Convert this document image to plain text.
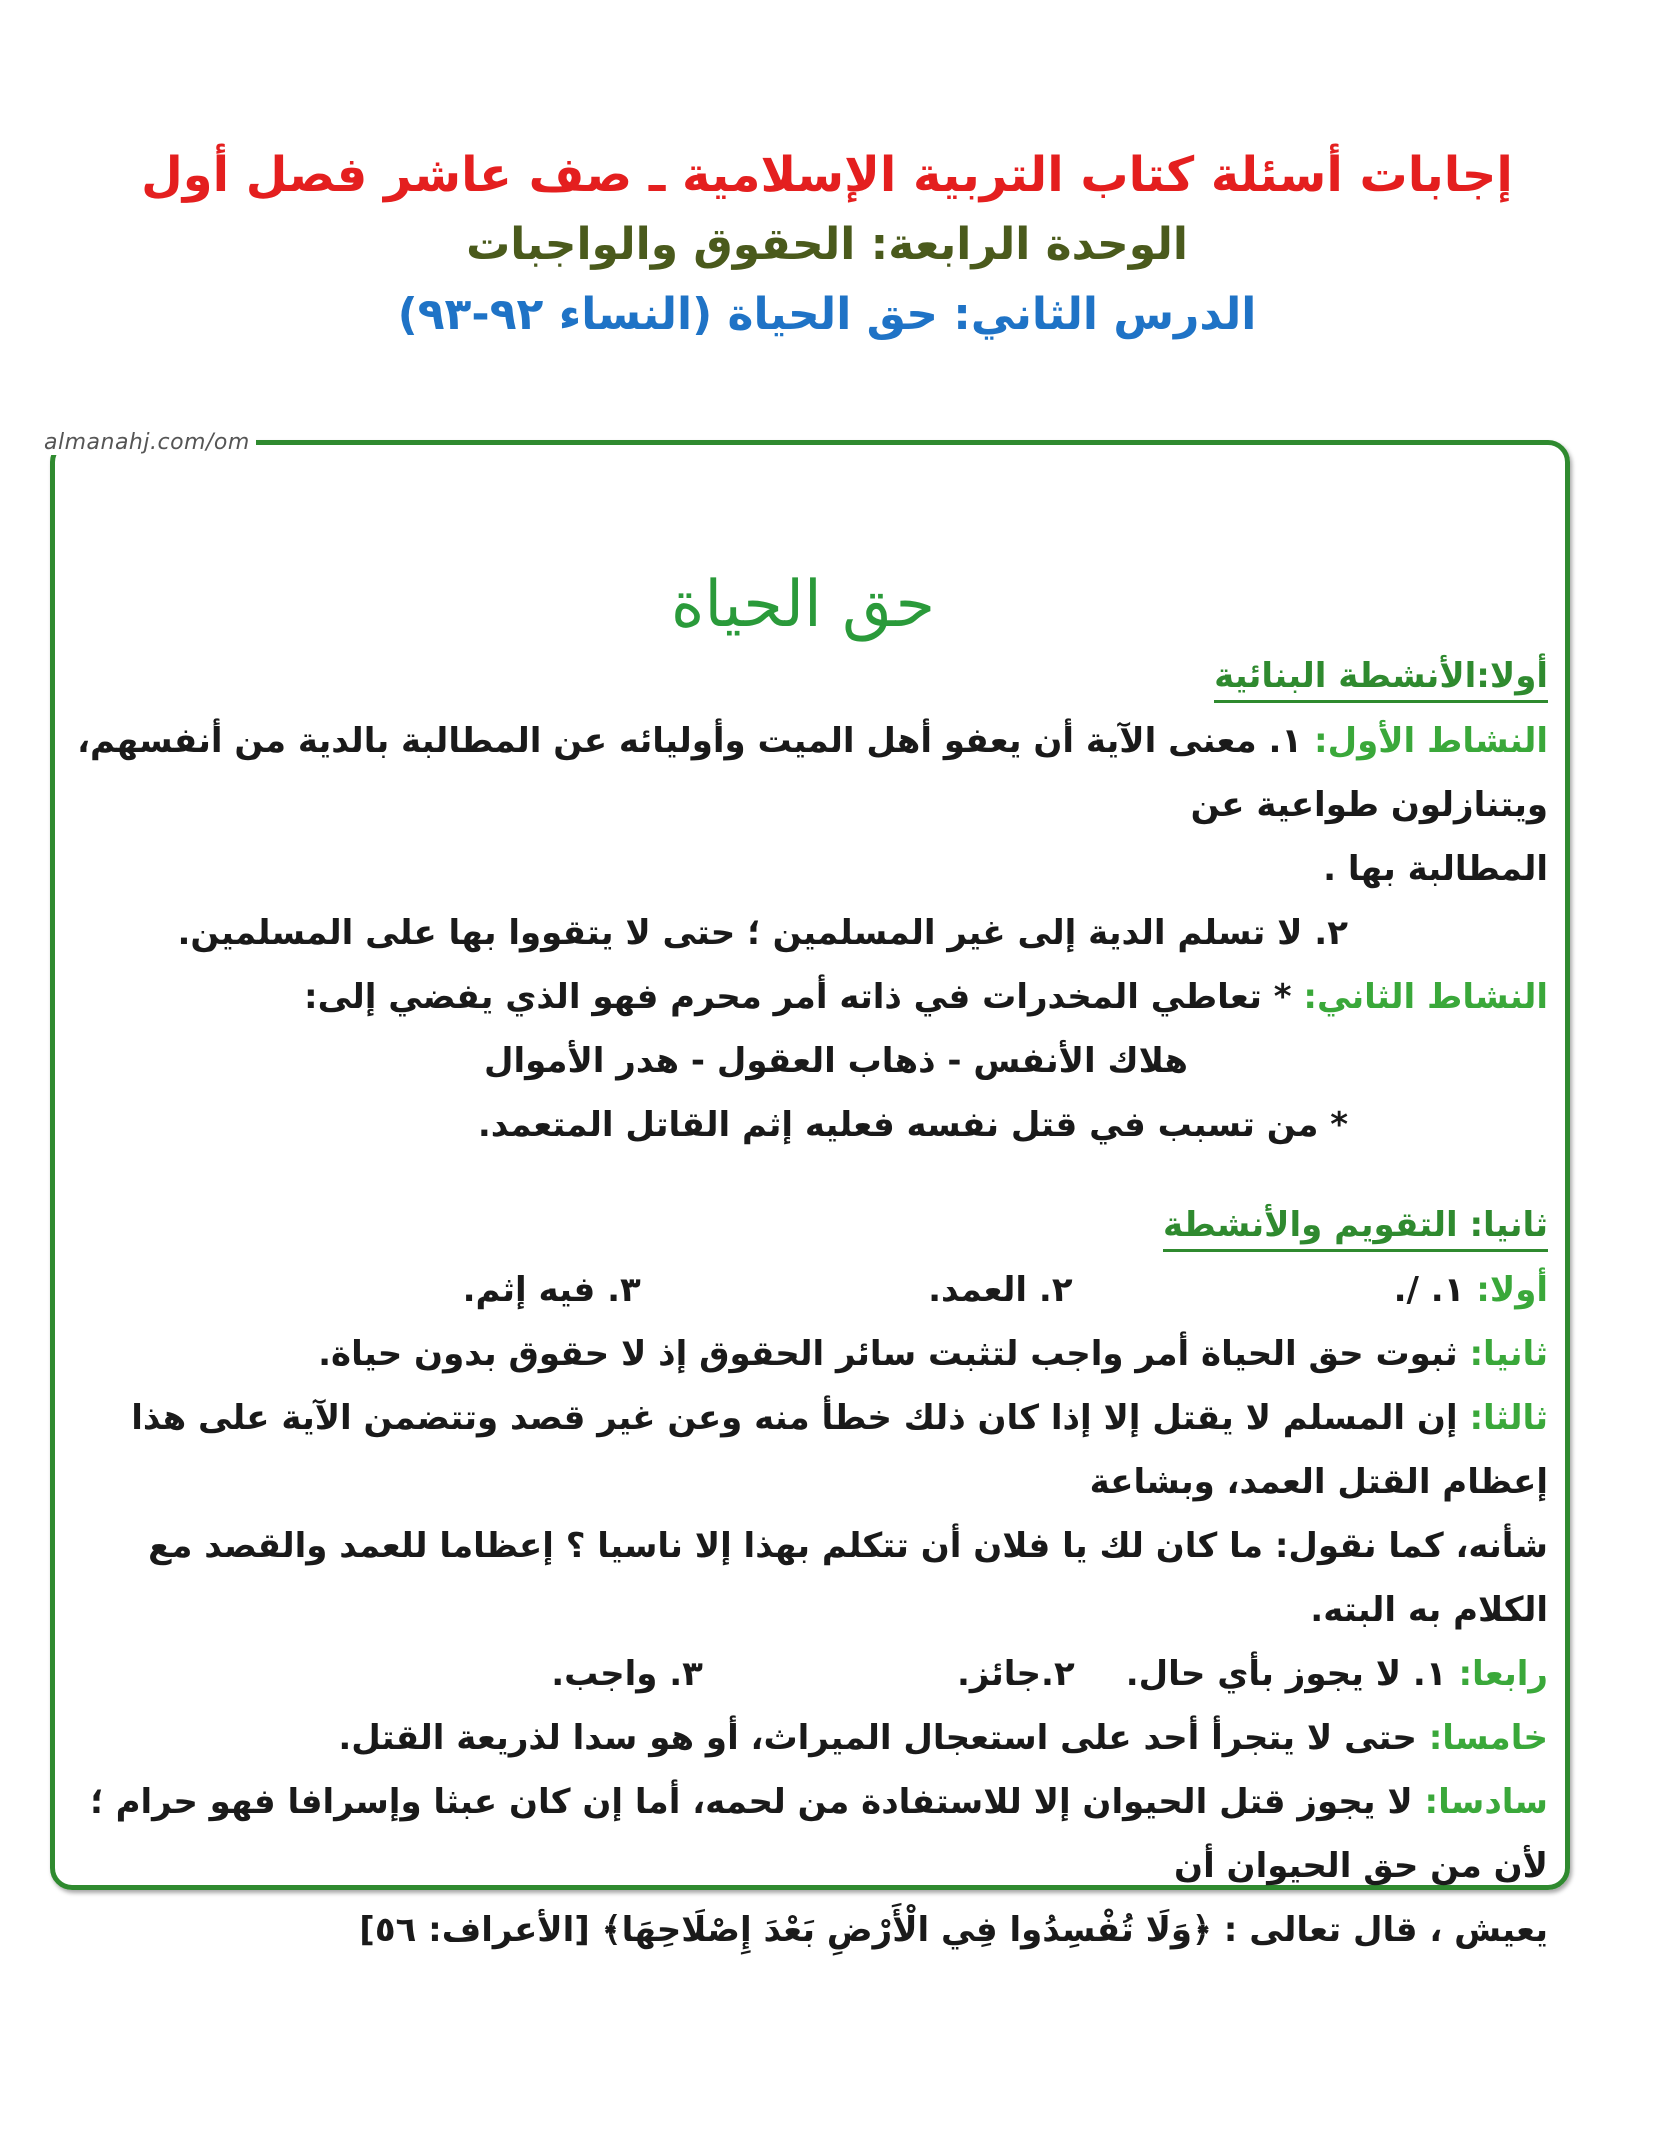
إجابات أسئلة كتاب التربية الإسلامية ـ صف عاشر فصل أول
الوحدة الرابعة: الحقوق والواجبات
الدرس الثاني: حق الحياة (النساء ٩٢-٩٣)
almanahj.com/om
حق الحياة
أولا:الأنشطة البنائية
النشاط الأول: ١. معنى الآية أن يعفو أهل الميت وأوليائه عن المطالبة بالدية من أنفسهم، ويتنازلون طواعية عن
المطالبة بها .
٢. لا تسلم الدية إلى غير المسلمين ؛ حتى لا يتقووا بها على المسلمين.
النشاط الثاني: * تعاطي المخدرات في ذاته أمر محرم فهو الذي يفضي إلى:
هلاك الأنفس - ذهاب العقول - هدر الأموال
* من تسبب في قتل نفسه فعليه إثم القاتل المتعمد.
ثانيا: التقويم والأنشطة
أولا: ١. /. ٢. العمد. ٣. فيه إثم.
ثانيا: ثبوت حق الحياة أمر واجب لتثبت سائر الحقوق إذ لا حقوق بدون حياة.
ثالثا: إن المسلم لا يقتل إلا إذا كان ذلك خطأ منه وعن غير قصد وتتضمن الآية على هذا إعظام القتل العمد، وبشاعة
شأنه، كما نقول: ما كان لك يا فلان أن تتكلم بهذا إلا ناسيا ؟ إعظاما للعمد والقصد مع الكلام به البته.
رابعا: ١. لا يجوز بأي حال. ٢.جائز. ٣. واجب.
خامسا: حتى لا يتجرأ أحد على استعجال الميراث، أو هو سدا لذريعة القتل.
سادسا: لا يجوز قتل الحيوان إلا للاستفادة من لحمه، أما إن كان عبثا وإسرافا فهو حرام ؛ لأن من حق الحيوان أن
يعيش ، قال تعالى : ﴿وَلَا تُفْسِدُوا فِي الْأَرْضِ بَعْدَ إِصْلَاحِهَا﴾ [الأعراف: ٥٦]
